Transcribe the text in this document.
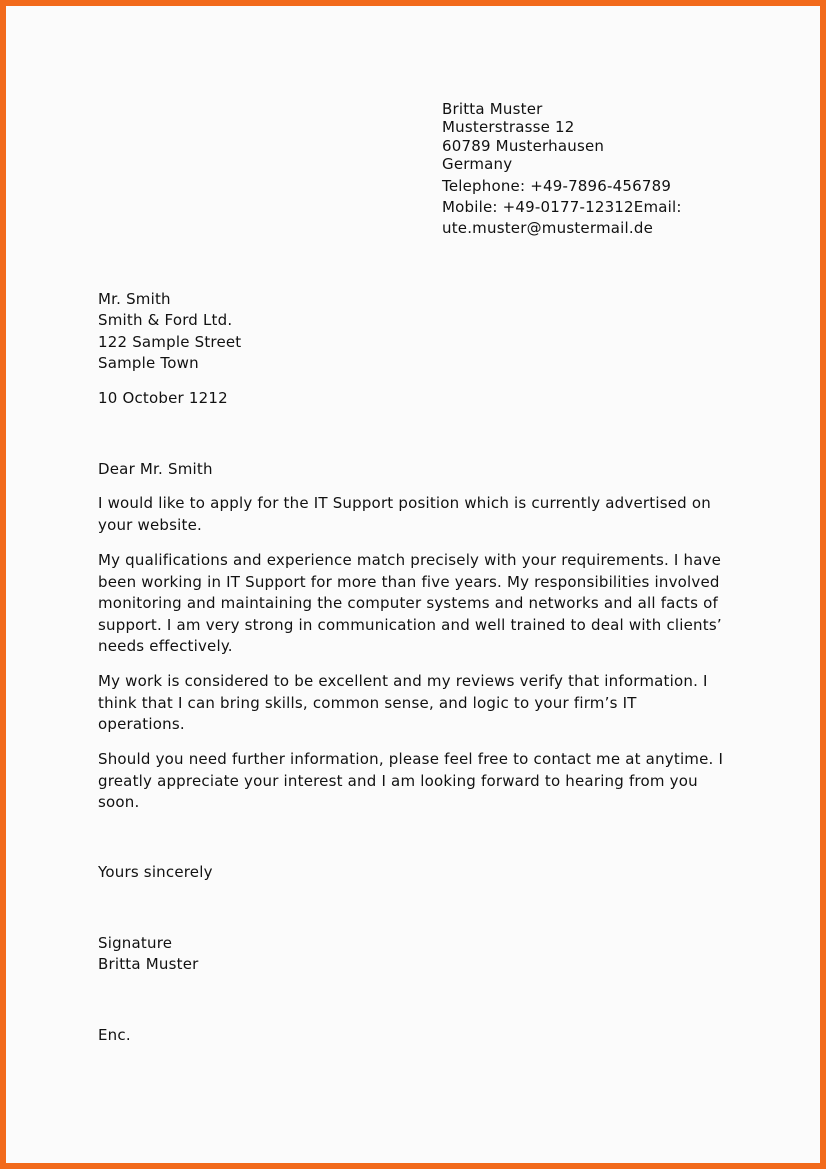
Britta Muster
Musterstrasse 12
60789 Musterhausen
Germany
Telephone: +49-7896-456789
Mobile: +49-0177-12312Email:
ute.muster@mustermail.de
Mr. Smith
Smith & Ford Ltd.
122 Sample Street
Sample Town
10 October 1212
Dear Mr. Smith
I would like to apply for the IT Support position which is currently advertised on
your website.
My qualifications and experience match precisely with your requirements. I have
been working in IT Support for more than five years. My responsibilities involved
monitoring and maintaining the computer systems and networks and all facts of
support. I am very strong in communication and well trained to deal with clients’
needs effectively.
My work is considered to be excellent and my reviews verify that information. I
think that I can bring skills, common sense, and logic to your firm’s IT
operations.
Should you need further information, please feel free to contact me at anytime. I
greatly appreciate your interest and I am looking forward to hearing from you
soon.
Yours sincerely
Signature
Britta Muster
Enc.
